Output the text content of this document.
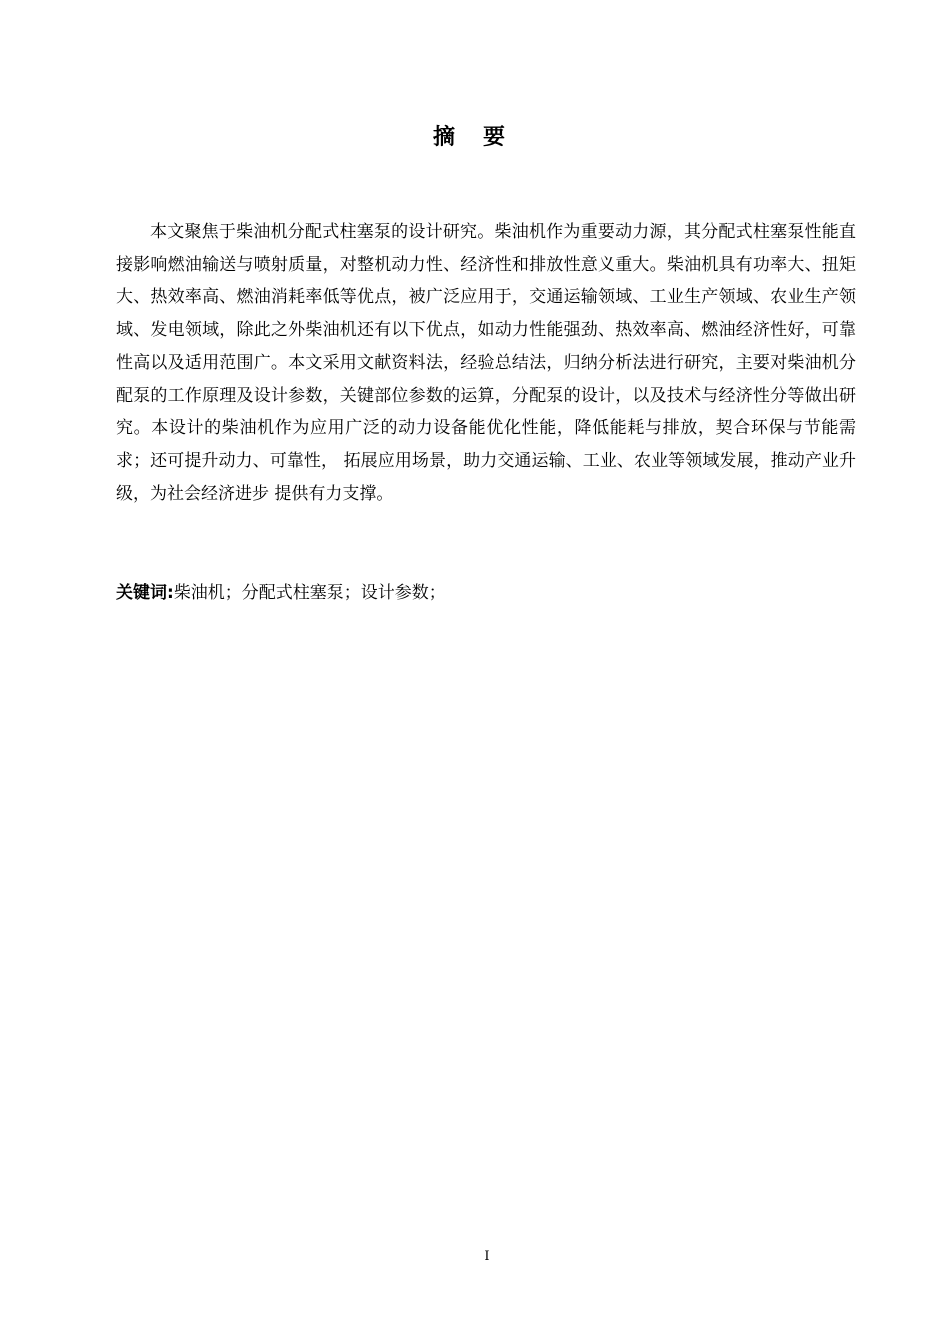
摘要

本文聚焦于柴油机分配式柱塞泵的设计研究。柴油机作为重要动力源，其分配式柱塞泵性能直接影响燃油输送与喷射质量，对整机动力性、经济性和排放性意义重大。柴油机具有功率大、扭矩大、热效率高、燃油消耗率低等优点，被广泛应用于，交通运输领域、工业生产领域、农业生产领域、发电领域，除此之外柴油机还有以下优点，如动力性能强劲、热效率高、燃油经济性好，可靠性高以及适用范围广。本文采用文献资料法，经验总结法，归纳分析法进行研究，主要对柴油机分配泵的工作原理及设计参数，关键部位参数的运算，分配泵的设计，以及技术与经济性分等做出研究。本设计的柴油机作为应用广泛的动力设备能优化性能，降低能耗与排放，契合环保与节能需求；还可提升动力、可靠性， 拓展应用场景，助力交通运输、工业、农业等领域发展，推动产业升级，为社会经济进步 提供有力支撑。

关键词:柴油机；分配式柱塞泵；设计参数；
I
